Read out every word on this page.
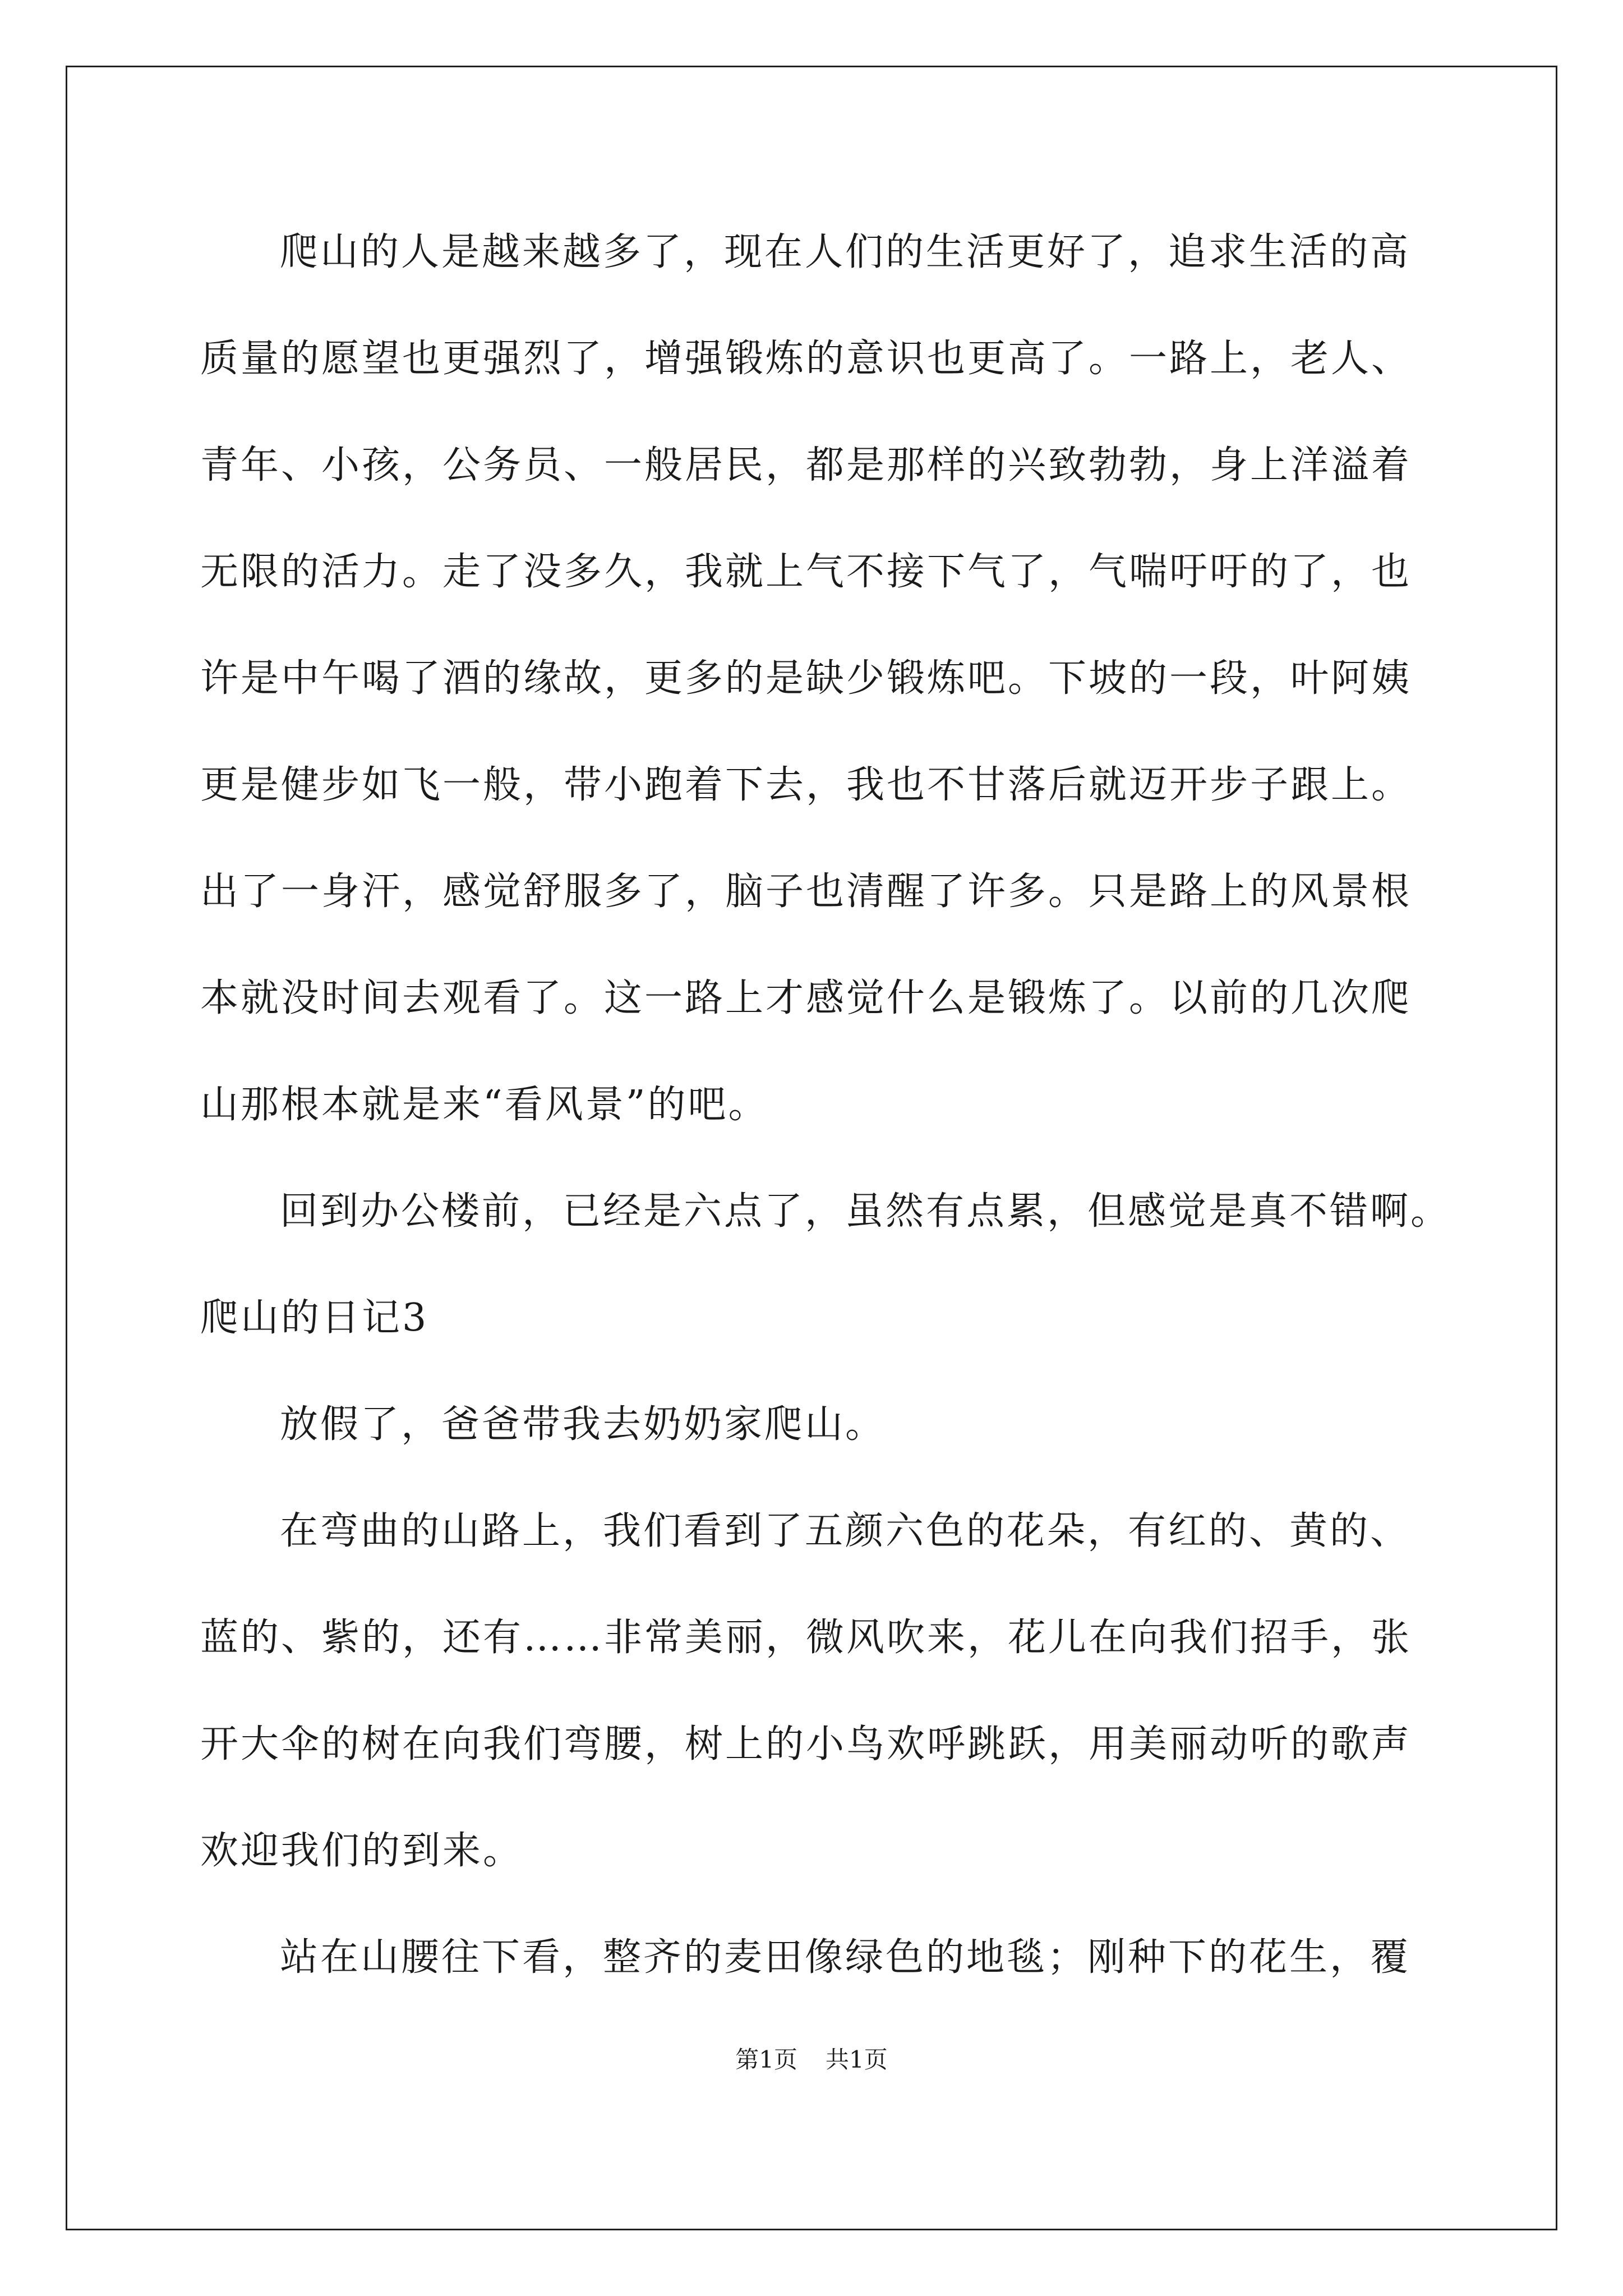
爬山的人是越来越多了，现在人们的生活更好了，追求生活的高
质量的愿望也更强烈了，增强锻炼的意识也更高了。一路上，老人、
青年、小孩，公务员、一般居民，都是那样的兴致勃勃，身上洋溢着
无限的活力。走了没多久，我就上气不接下气了，气喘吁吁的了，也
许是中午喝了酒的缘故，更多的是缺少锻炼吧。下坡的一段，叶阿姨
更是健步如飞一般，带小跑着下去，我也不甘落后就迈开步子跟上。
出了一身汗，感觉舒服多了，脑子也清醒了许多。只是路上的风景根
本就没时间去观看了。这一路上才感觉什么是锻炼了。以前的几次爬
山那根本就是来“看风景”的吧。
回到办公楼前，已经是六点了，虽然有点累，但感觉是真不错啊。
爬山的日记3
放假了，爸爸带我去奶奶家爬山。
在弯曲的山路上，我们看到了五颜六色的花朵，有红的、黄的、
蓝的、紫的，还有……非常美丽，微风吹来，花儿在向我们招手，张
开大伞的树在向我们弯腰，树上的小鸟欢呼跳跃，用美丽动听的歌声
欢迎我们的到来。
站在山腰往下看，整齐的麦田像绿色的地毯；刚种下的花生，覆
第1页 共1页
